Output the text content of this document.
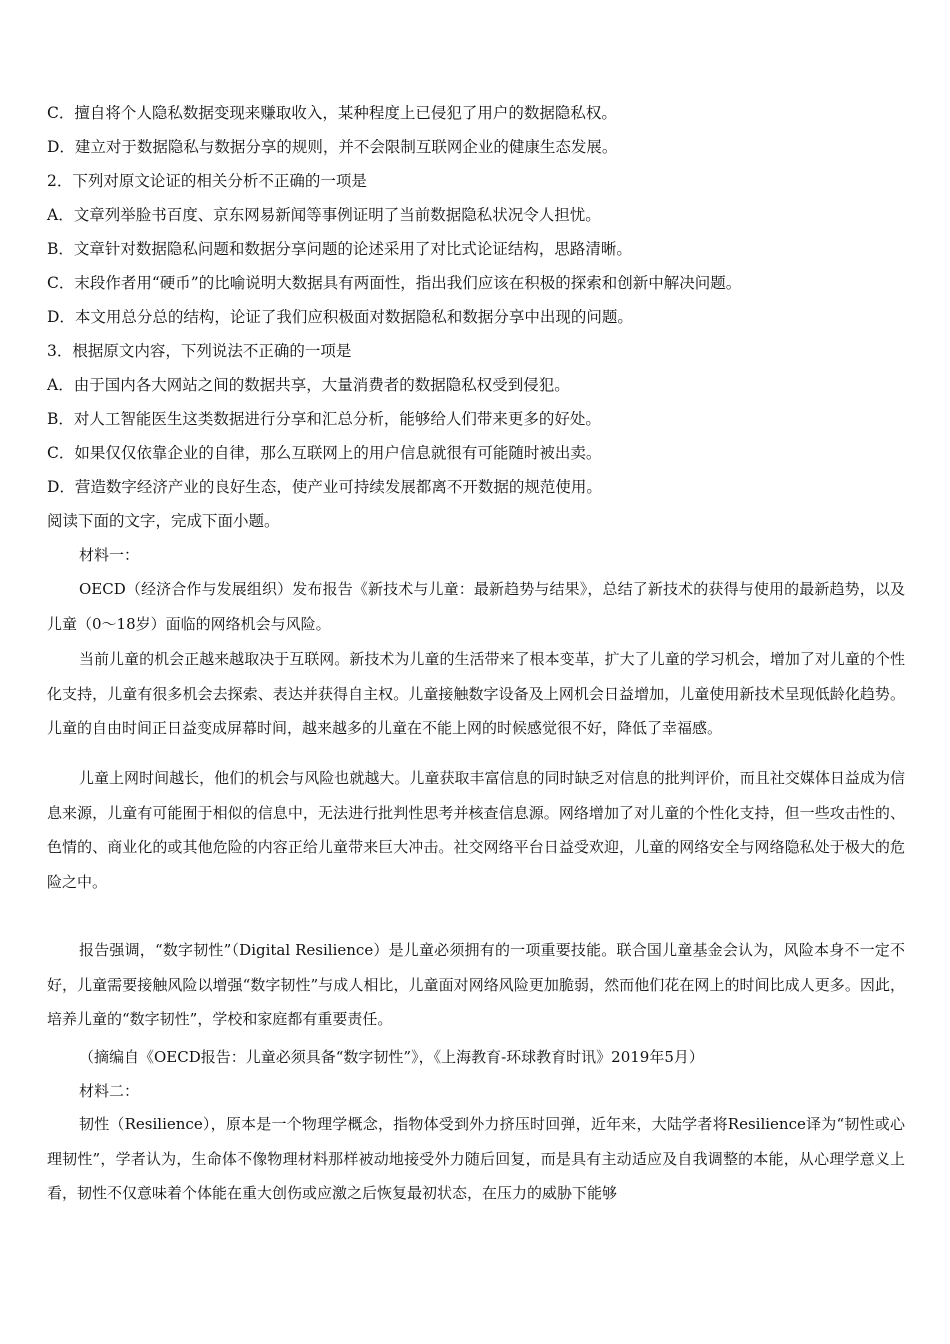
C．擅自将个人隐私数据变现来赚取收入，某种程度上已侵犯了用户的数据隐私权。
D．建立对于数据隐私与数据分享的规则，并不会限制互联网企业的健康生态发展。
2．下列对原文论证的相关分析不正确的一项是
A．文章列举脸书百度、京东网易新闻等事例证明了当前数据隐私状况令人担忧。
B．文章针对数据隐私问题和数据分享问题的论述采用了对比式论证结构，思路清晰。
C．末段作者用“硬币”的比喻说明大数据具有两面性，指出我们应该在积极的探索和创新中解决问题。
D．本文用总分总的结构，论证了我们应积极面对数据隐私和数据分享中出现的问题。
3．根据原文内容，下列说法不正确的一项是
A．由于国内各大网站之间的数据共享，大量消费者的数据隐私权受到侵犯。
B．对人工智能医生这类数据进行分享和汇总分析，能够给人们带来更多的好处。
C．如果仅仅依靠企业的自律，那么互联网上的用户信息就很有可能随时被出卖。
D．营造数字经济产业的良好生态，使产业可持续发展都离不开数据的规范使用。
阅读下面的文字，完成下面小题。
材料一：

OECD（经济合作与发展组织）发布报告《新技术与儿童：最新趋势与结果》，总结了新技术的获得与使用的最新趋势，以及儿童（0～18岁）面临的网络机会与风险。

当前儿童的机会正越来越取决于互联网。新技术为儿童的生活带来了根本变革，扩大了儿童的学习机会，增加了对儿童的个性化支持，儿童有很多机会去探索、表达并获得自主权。儿童接触数字设备及上网机会日益增加，儿童使用新技术呈现低龄化趋势。儿童的自由时间正日益变成屏幕时间，越来越多的儿童在不能上网的时候感觉很不好，降低了幸福感。

儿童上网时间越长，他们的机会与风险也就越大。儿童获取丰富信息的同时缺乏对信息的批判评价，而且社交媒体日益成为信息来源，儿童有可能囿于相似的信息中，无法进行批判性思考并核查信息源。网络增加了对儿童的个性化支持，但一些攻击性的、色情的、商业化的或其他危险的内容正给儿童带来巨大冲击。社交网络平台日益受欢迎，儿童的网络安全与网络隐私处于极大的危险之中。

报告强调，“数字韧性”（Digital Resilience）是儿童必须拥有的一项重要技能。联合国儿童基金会认为，风险本身不一定不好，儿童需要接触风险以增强“数字韧性”与成人相比，儿童面对网络风险更加脆弱，然而他们花在网上的时间比成人更多。因此，培养儿童的“数字韧性”，学校和家庭都有重要责任。

（摘编自《OECD报告：儿童必须具备“数字韧性”》，《上海教育-环球教育时讯》2019年5月）
材料二：

韧性（Resilience），原本是一个物理学概念，指物体受到外力挤压时回弹，近年来，大陆学者将Resilience译为“韧性或心理韧性”，学者认为，生命体不像物理材料那样被动地接受外力随后回复，而是具有主动适应及自我调整的本能，从心理学意义上看，韧性不仅意味着个体能在重大创伤或应激之后恢复最初状态，在压力的威胁下能够
